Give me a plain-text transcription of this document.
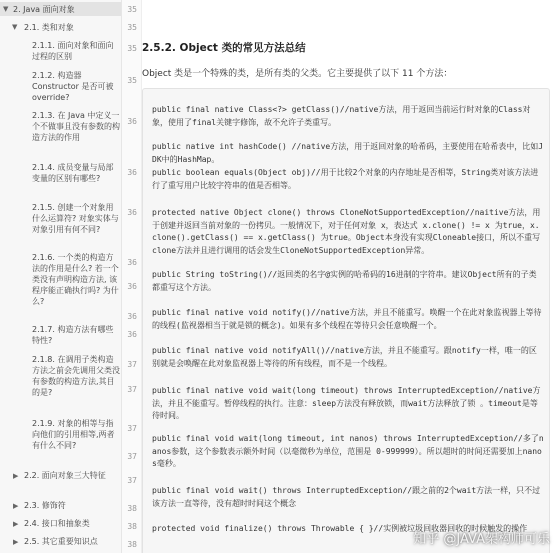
▼ 2. Java 面向对象
▼ 2.1. 类和对象
2.1.1. 面向对象和面向过程的区别
2.1.2. 构造器 Constructor 是否可被 override?
2.1.3. 在 Java 中定义一个不做事且没有参数的构造方法的作用
2.1.4. 成员变量与局部变量的区别有哪些?
2.1.5. 创建一个对象用什么运算符? 对象实体与对象引用有何不同?
2.1.6. 一个类的构造方法的作用是什么? 若一个类没有声明构造方法, 该程序能正确执行吗? 为什么?
2.1.7. 构造方法有哪些特性?
2.1.8. 在调用子类构造方法之前会先调用父类没有参数的构造方法,其目的是?
2.1.9. 对象的相等与指向他们的引用相等,两者有什么不同?
▶ 2.2. 面向对象三大特征
▶ 2.3. 修饰符
▶ 2.4. 接口和抽象类
▶ 2.5. 其它重要知识点
35
35
35
35
36
36
36
36
36
36
36
37
37
37
37
37
38
38
38
2.5.2. Object 类的常见方法总结
Object 类是一个特殊的类，是所有类的父类。它主要提供了以下 11 个方法：
public final native Class<?> getClass()//native方法，用于返回当前运行时对象的Class对象，使用了final关键字修饰，故不允许子类重写。
public native int hashCode() //native方法，用于返回对象的哈希码，主要使用在哈希表中，比如JDK中的HashMap。
public boolean equals(Object obj)//用于比较2个对象的内存地址是否相等，String类对该方法进行了重写用户比较字符串的值是否相等。
protected native Object clone() throws CloneNotSupportedException//naitive方法，用于创建并返回当前对象的一份拷贝。一般情况下，对于任何对象 x，表达式 x.clone() != x 为true，x.clone().getClass() == x.getClass() 为true。Object本身没有实现Cloneable接口，所以不重写clone方法并且进行调用的话会发生CloneNotSupportedException异常。
public String toString()//返回类的名字@实例的哈希码的16进制的字符串。建议Object所有的子类都重写这个方法。
public final native void notify()//native方法，并且不能重写。唤醒一个在此对象监视器上等待的线程(监视器相当于就是锁的概念)。如果有多个线程在等待只会任意唤醒一个。
public final native void notifyAll()//native方法，并且不能重写。跟notify一样，唯一的区别就是会唤醒在此对象监视器上等待的所有线程，而不是一个线程。
public final native void wait(long timeout) throws InterruptedException//native方法，并且不能重写。暂停线程的执行。注意：sleep方法没有释放锁，而wait方法释放了锁 。timeout是等待时间。
public final void wait(long timeout, int nanos) throws InterruptedException//多了nanos参数，这个参数表示额外时间（以毫微秒为单位，范围是 0-999999）。所以超时的时间还需要加上nanos毫秒。
public final void wait() throws InterruptedException//跟之前的2个wait方法一样，只不过该方法一直等待，没有超时时间这个概念
protected void finalize() throws Throwable { }//实例被垃圾回收器回收的时候触发的操作
知乎 @JAVA架构师可乐
